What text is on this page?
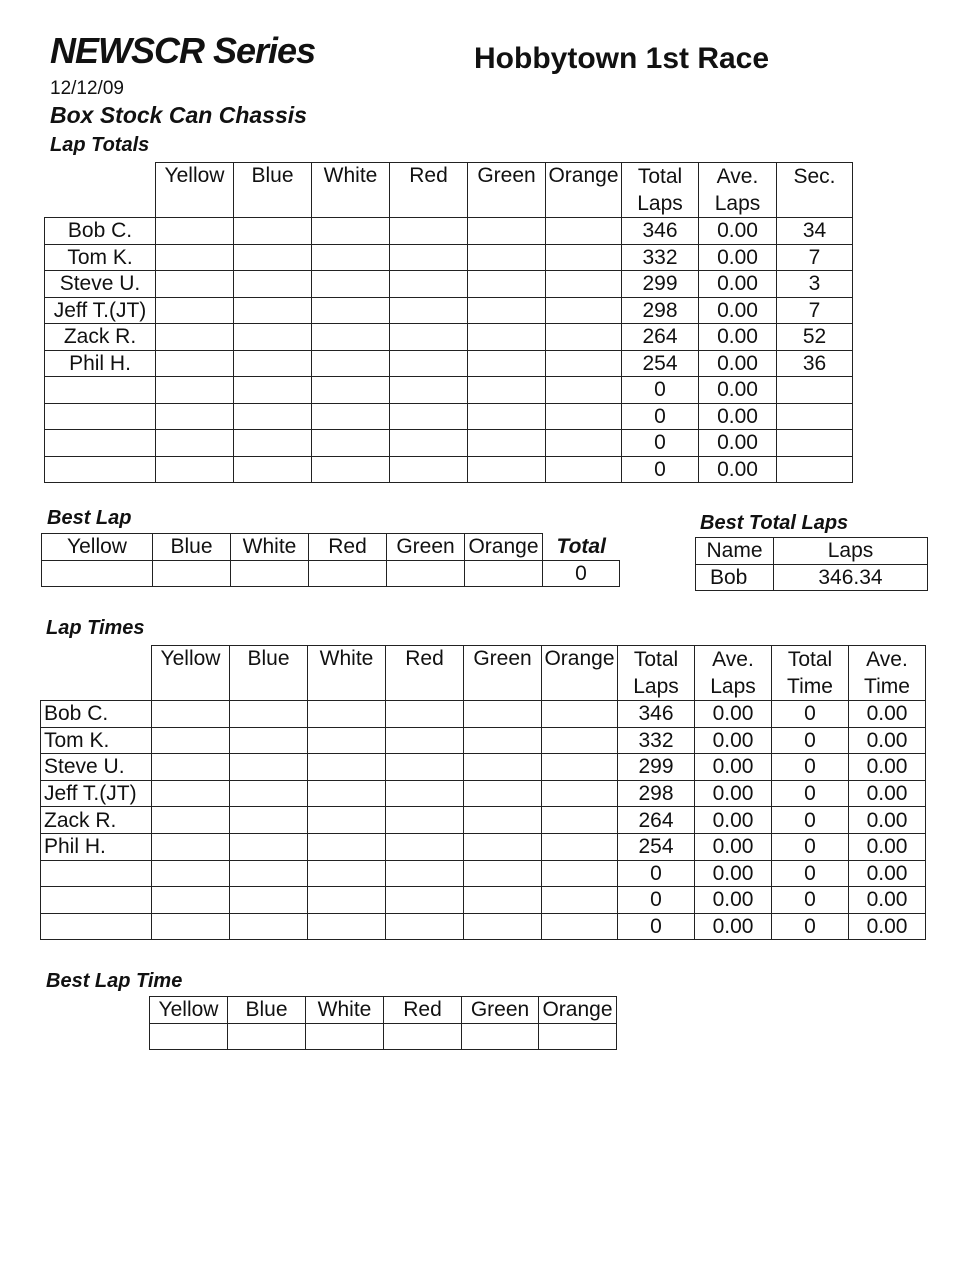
NEWSCR Series	Hobbytown 1st Race
12/12/09
Box Stock Can Chassis
Lap Totals
	Yellow	Blue	White	Red	Green	Orange	Total Laps	Ave. Laps	Sec.	
Bob C.							346	0.00	34	
Tom K.							332	0.00	7	
Steve U.							299	0.00	3	
Jeff T.(JT)							298	0.00	7	
Zack R.							264	0.00	52	
Phil H.							254	0.00	36	
							0	0.00		
							0	0.00		
							0	0.00		
							0	0.00		
Best Lap
Yellow	Blue	White	Red	Green	Orange	Total
						0
Best Total Laps
Name	Laps
Bob	346.34
Lap Times
	Yellow	Blue	White	Red	Green	Orange	Total Laps	Ave. Laps	Total Time	Ave. Time
Bob C.							346	0.00	0	0.00
Tom K.							332	0.00	0	0.00
Steve U.							299	0.00	0	0.00
Jeff T.(JT)							298	0.00	0	0.00
Zack R.							264	0.00	0	0.00
Phil H.							254	0.00	0	0.00
							0	0.00	0	0.00
							0	0.00	0	0.00
							0	0.00	0	0.00
Best Lap Time
Yellow	Blue	White	Red	Green	Orange
